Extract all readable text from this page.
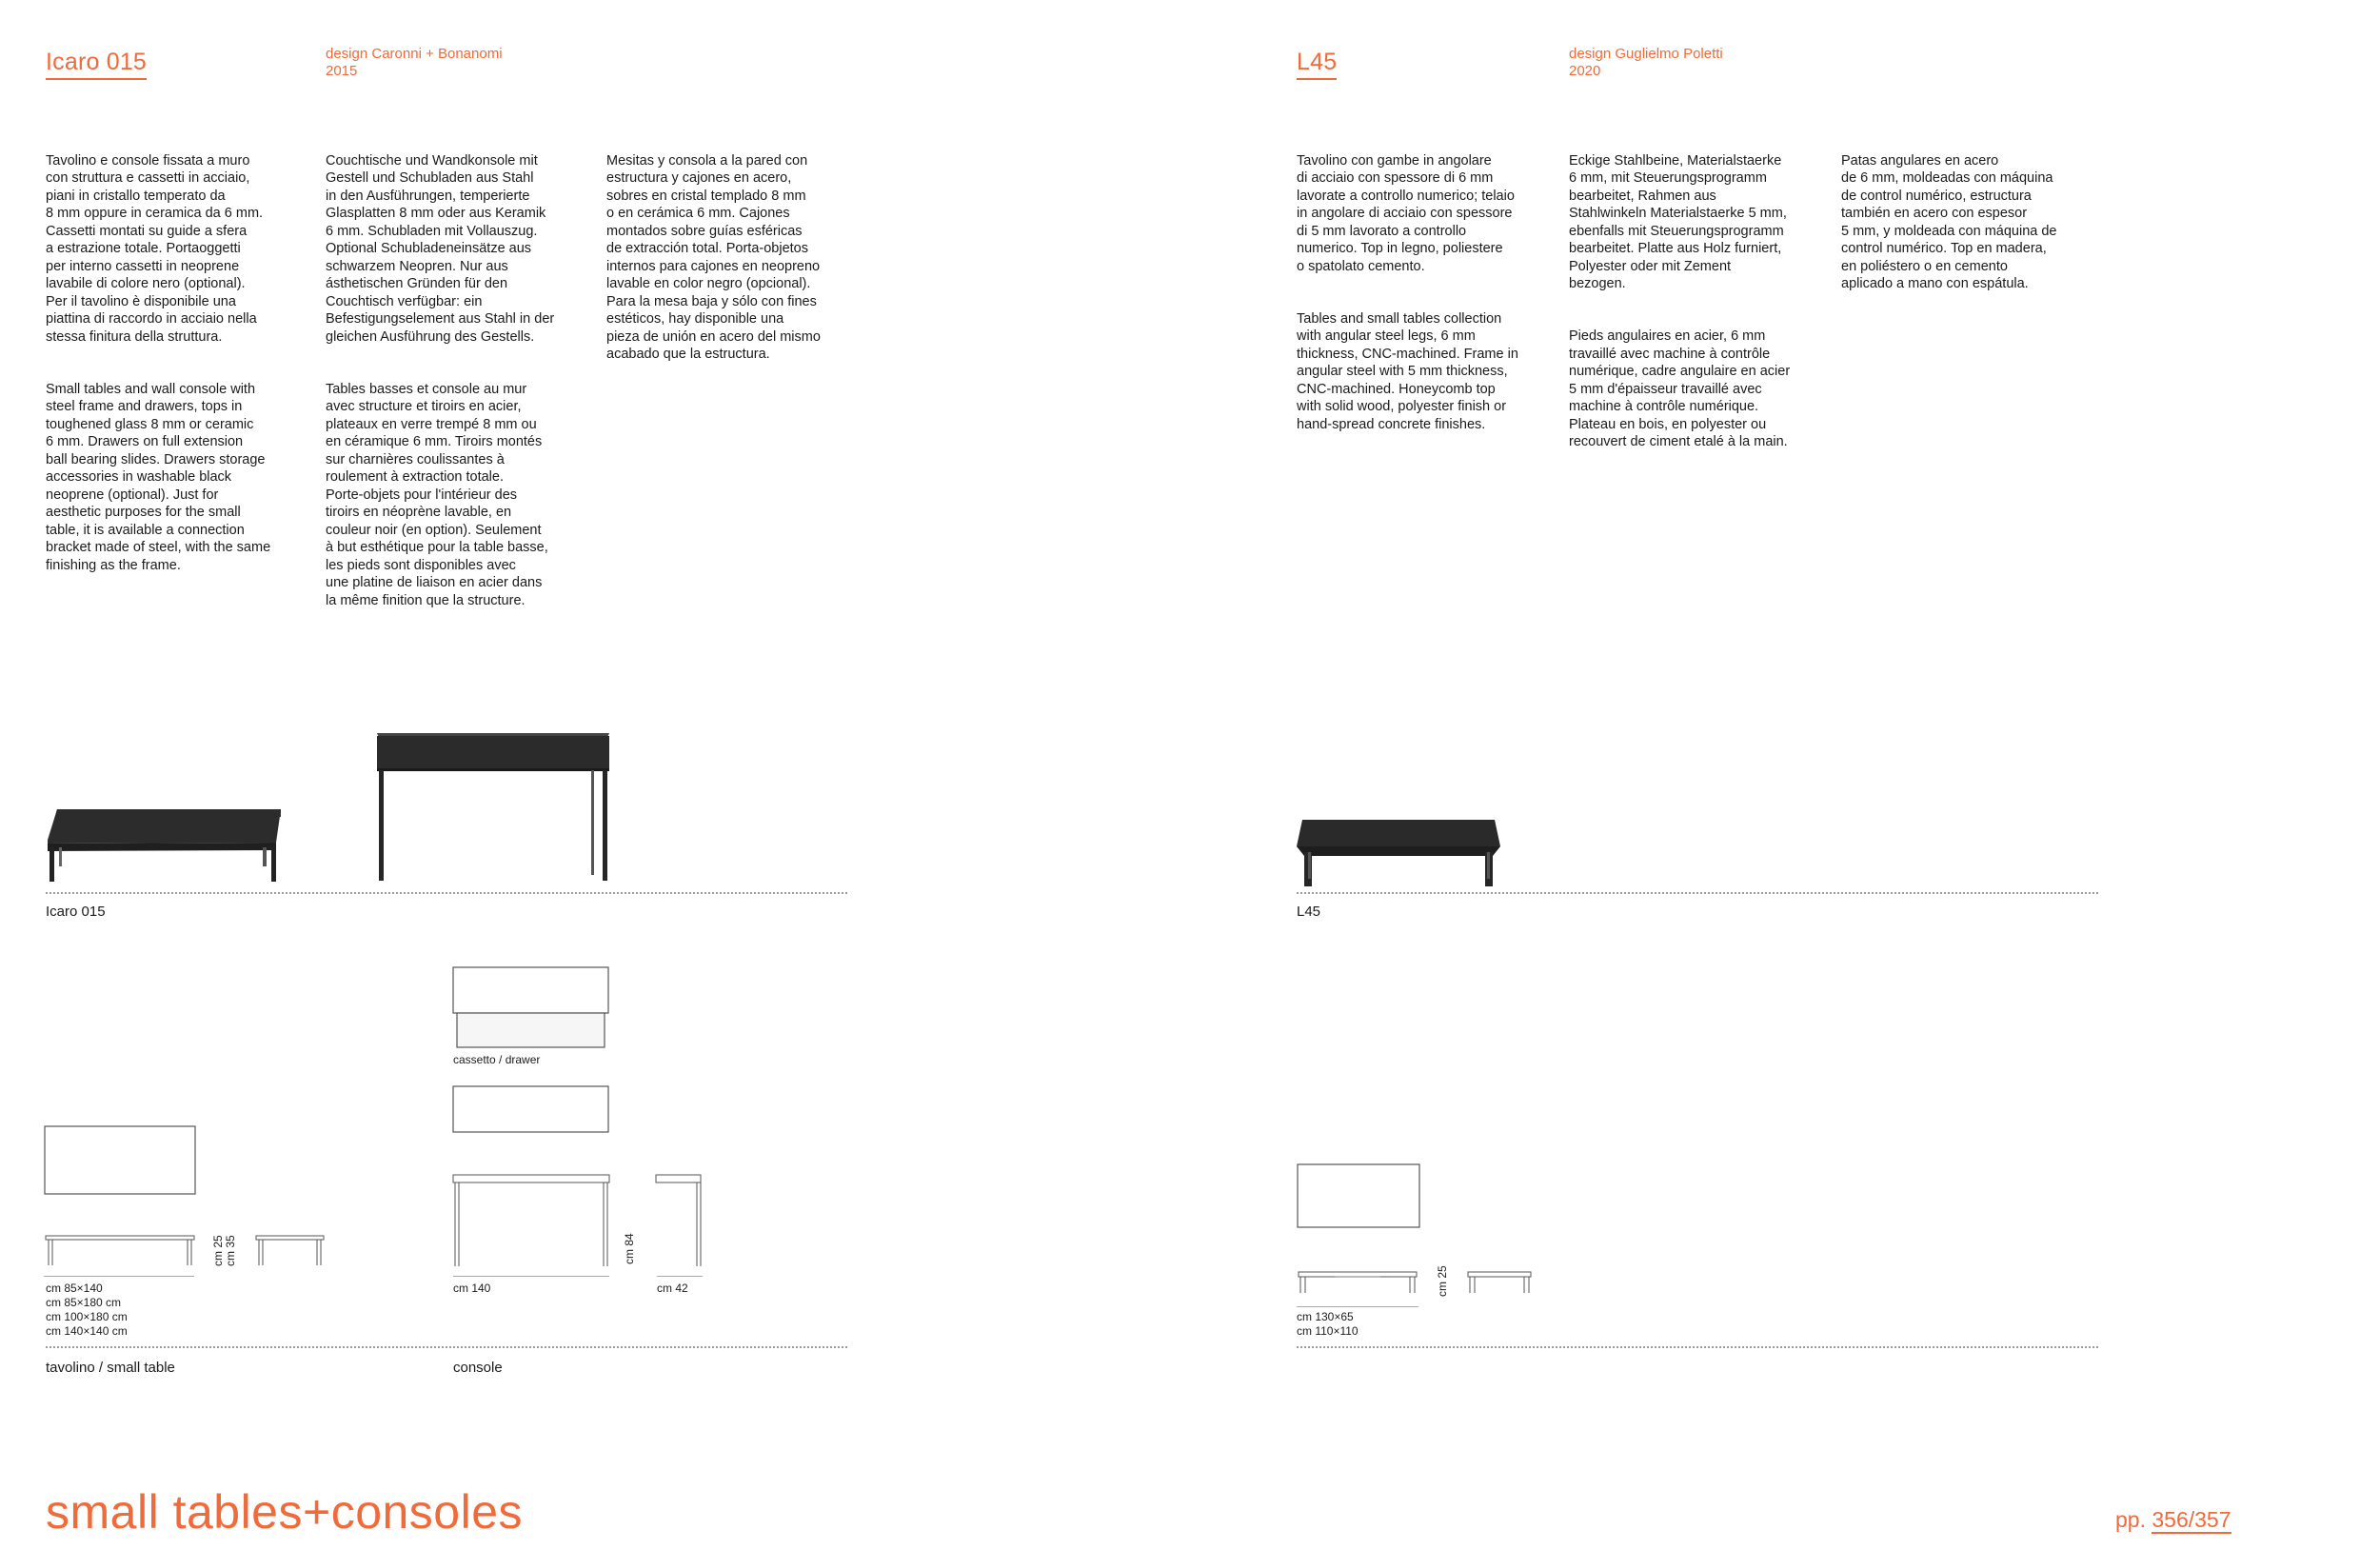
Icaro 015	design Caronni + Bonanomi
2015

Tavolino e console fissata a muro
con struttura e cassetti in acciaio,
piani in cristallo temperato da
8 mm oppure in ceramica da 6 mm.
Cassetti montati su guide a sfera
a estrazione totale. Portaoggetti
per interno cassetti in neoprene
lavabile di colore nero (optional).
Per il tavolino è disponibile una
piattina di raccordo in acciaio nella
stessa finitura della struttura.

Small tables and wall console with
steel frame and drawers, tops in
toughened glass 8 mm or ceramic
6 mm. Drawers on full extension
ball bearing slides. Drawers storage
accessories in washable black
neoprene (optional). Just for
aesthetic purposes for the small
table, it is available a connection
bracket made of steel, with the same
finishing as the frame.

Couchtische und Wandkonsole mit
Gestell und Schubladen aus Stahl
in den Ausführungen, temperierte
Glasplatten 8 mm oder aus Keramik
6 mm. Schubladen mit Vollauszug.
Optional Schubladeneinsätze aus
schwarzem Neopren. Nur aus
ásthetischen Gründen für den
Couchtisch verfügbar: ein
Befestigungselement aus Stahl in der
gleichen Ausführung des Gestells.

Tables basses et console au mur
avec structure et tiroirs en acier,
plateaux en verre trempé 8 mm ou
en céramique 6 mm. Tiroirs montés
sur charnières coulissantes à
roulement à extraction totale.
Porte-objets pour l'intérieur des
tiroirs en néoprène lavable, en
couleur noir (en option). Seulement
à but esthétique pour la table basse,
les pieds sont disponibles avec
une platine de liaison en acier dans
la même finition que la structure.

Mesitas y consola a la pared con
estructura y cajones en acero,
sobres en cristal templado 8 mm
o en cerámica 6 mm. Cajones
montados sobre guías esféricas
de extracción total. Porta-objetos
internos para cajones en neopreno
lavable en color negro (opcional).
Para la mesa baja y sólo con fines
estéticos, hay disponible una
pieza de unión en acero del mismo
acabado que la estructura.

Icaro 015
cassetto / drawer
cm 25 cm 35
cm 85×140
cm 85×180 cm
cm 100×180 cm
cm 140×140 cm
cm 140
cm 84
cm 42
tavolino / small table	console
L45	design Guglielmo Poletti
2020

Tavolino con gambe in angolare
di acciaio con spessore di 6 mm
lavorate a controllo numerico; telaio
in angolare di acciaio con spessore
di 5 mm lavorato a controllo
numerico. Top in legno, poliestere
o spatolato cemento.

Tables and small tables collection
with angular steel legs, 6 mm
thickness, CNC-machined. Frame in
angular steel with 5 mm thickness,
CNC-machined. Honeycomb top
with solid wood, polyester finish or
hand-spread concrete finishes.

Eckige Stahlbeine, Materialstaerke
6 mm, mit Steuerungsprogramm
bearbeitet, Rahmen aus
Stahlwinkeln Materialstaerke 5 mm,
ebenfalls mit Steuerungsprogramm
bearbeitet. Platte aus Holz furniert,
Polyester oder mit Zement
bezogen.

Pieds angulaires en acier, 6 mm
travaillé avec machine à contrôle
numérique, cadre angulaire en acier
5 mm d'épaisseur travaillé avec
machine à contrôle numérique.
Plateau en bois, en polyester ou
recouvert de ciment etalé à la main.

Patas angulares en acero
de 6 mm, moldeadas con máquina
de control numérico, estructura
también en acero con espesor
5 mm, y moldeada con máquina de
control numérico. Top en madera,
en poliéstero o en cemento
aplicado a mano con espátula.

L45
cm 25
cm 130×65
cm 110×110
small tables+consoles	pp. 356/357
